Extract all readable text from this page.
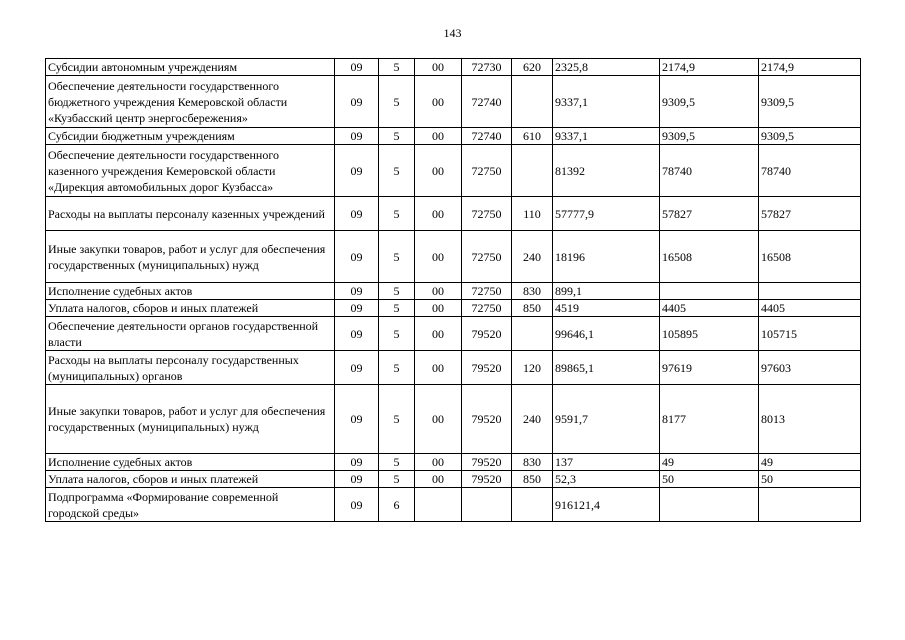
143
Субсидии автономным учреждениям	09	5	00	72730	620	2325,8	2174,9	2174,9
Обеспечение деятельности государственного бюджетного учреждения Кемеровской области «Кузбасский центр энергосбережения»	09	5	00	72740		9337,1	9309,5	9309,5
Субсидии бюджетным учреждениям	09	5	00	72740	610	9337,1	9309,5	9309,5
Обеспечение деятельности государственного казенного учреждения Кемеровской области «Дирекция автомобильных дорог Кузбасса»	09	5	00	72750		81392	78740	78740
Расходы на выплаты персоналу казенных учреждений	09	5	00	72750	110	57777,9	57827	57827
Иные закупки товаров, работ и услуг для обеспечения государственных (муниципальных) нужд	09	5	00	72750	240	18196	16508	16508
Исполнение судебных актов	09	5	00	72750	830	899,1		
Уплата налогов, сборов и иных платежей	09	5	00	72750	850	4519	4405	4405
Обеспечение деятельности органов государственной власти	09	5	00	79520		99646,1	105895	105715
Расходы на выплаты персоналу государственных (муниципальных) органов	09	5	00	79520	120	89865,1	97619	97603
Иные закупки товаров, работ и услуг для обеспечения государственных (муниципальных) нужд	09	5	00	79520	240	9591,7	8177	8013
Исполнение судебных актов	09	5	00	79520	830	137	49	49
Уплата налогов, сборов и иных платежей	09	5	00	79520	850	52,3	50	50
Подпрограмма «Формирование современной городской среды»	09	6				916121,4		
